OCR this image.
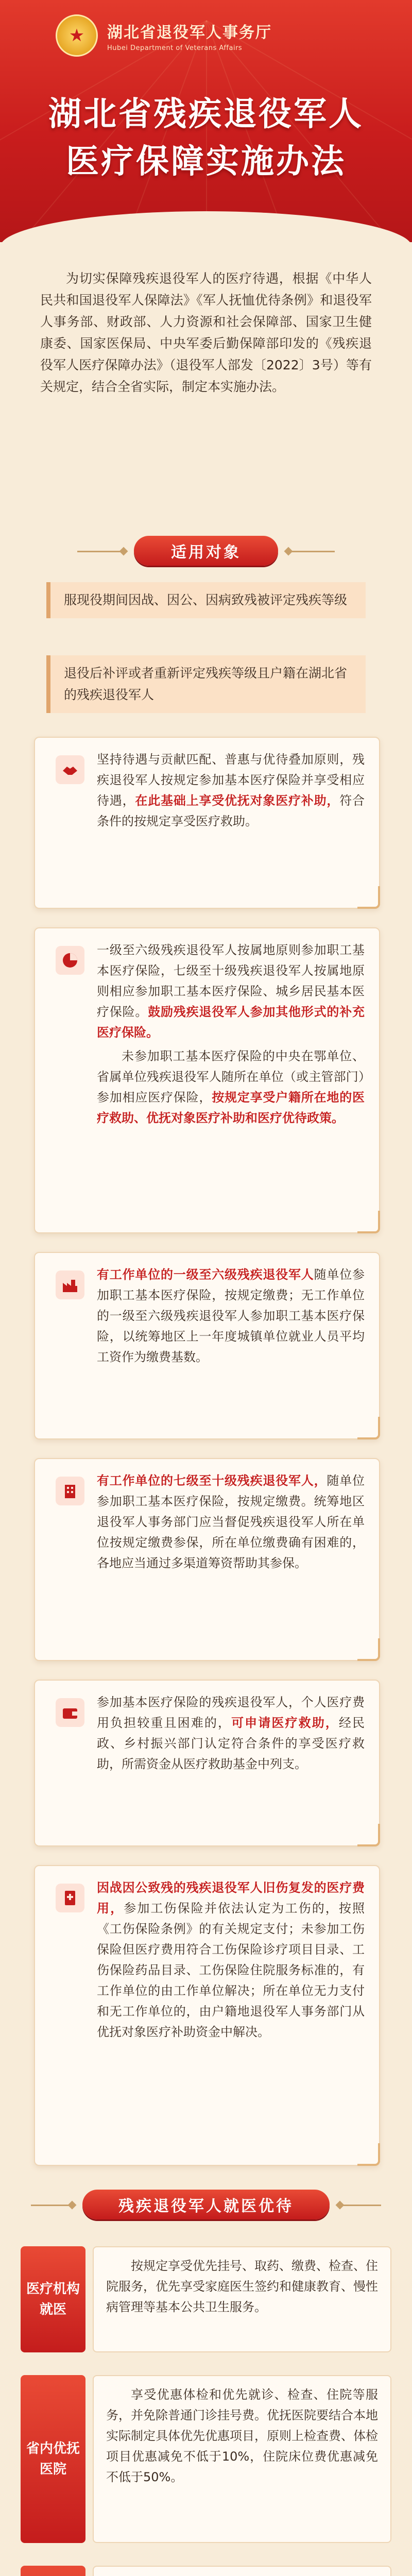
★ 湖北省退役军人事务厅
Hubei Department of Veterans Affairs
湖北省残疾退役军人
医疗保障实施办法
为切实保障残疾退役军人的医疗待遇，根据《中华人民共和国退役军人保障法》《军人抚恤优待条例》和退役军人事务部、财政部、人力资源和社会保障部、国家卫生健康委、国家医保局、中央军委后勤保障部印发的《残疾退役军人医疗保障办法》（退役军人部发〔2022〕3号）等有关规定，结合全省实际，制定本实施办法。
适用对象
服现役期间因战、因公、因病致残被评定残疾等级
退役后补评或者重新评定残疾等级且户籍在湖北省的残疾退役军人

坚持待遇与贡献匹配、普惠与优待叠加原则，残疾退役军人按规定参加基本医疗保险并享受相应待遇，在此基础上享受优抚对象医疗补助，符合条件的按规定享受医疗救助。

一级至六级残疾退役军人按属地原则参加职工基本医疗保险，七级至十级残疾退役军人按属地原则相应参加职工基本医疗保险、城乡居民基本医疗保险。鼓励残疾退役军人参加其他形式的补充医疗保险。

未参加职工基本医疗保险的中央在鄂单位、省属单位残疾退役军人随所在单位（或主管部门）参加相应医疗保险，按规定享受户籍所在地的医疗救助、优抚对象医疗补助和医疗优待政策。

有工作单位的一级至六级残疾退役军人随单位参加职工基本医疗保险，按规定缴费；无工作单位的一级至六级残疾退役军人参加职工基本医疗保险，以统筹地区上一年度城镇单位就业人员平均工资作为缴费基数。

有工作单位的七级至十级残疾退役军人，随单位参加职工基本医疗保险，按规定缴费。统筹地区退役军人事务部门应当督促残疾退役军人所在单位按规定缴费参保，所在单位缴费确有困难的，各地应当通过多渠道筹资帮助其参保。

参加基本医疗保险的残疾退役军人，个人医疗费用负担较重且困难的，可申请医疗救助，经民政、乡村振兴部门认定符合条件的享受医疗救助，所需资金从医疗救助基金中列支。

因战因公致残的残疾退役军人旧伤复发的医疗费用，参加工伤保险并依法认定为工伤的，按照《工伤保险条例》的有关规定支付；未参加工伤保险但医疗费用符合工伤保险诊疗项目目录、工伤保险药品目录、工伤保险住院服务标准的，有工作单位的由工作单位解决；所在单位无力支付和无工作单位的，由户籍地退役军人事务部门从优抚对象医疗补助资金中解决。

残疾退役军人就医优待
医疗机构就医
按规定享受优先挂号、取药、缴费、检查、住院服务，优先享受家庭医生签约和健康教育、慢性病管理等基本公共卫生服务。
省内优抚医院
享受优惠体检和优先就诊、检查、住院等服务，并免除普通门诊挂号费。优抚医院要结合本地实际制定具体优先优惠项目，原则上检查费、体检项目优惠减免不低于10%，住院床位费优惠减免不低于50%。
